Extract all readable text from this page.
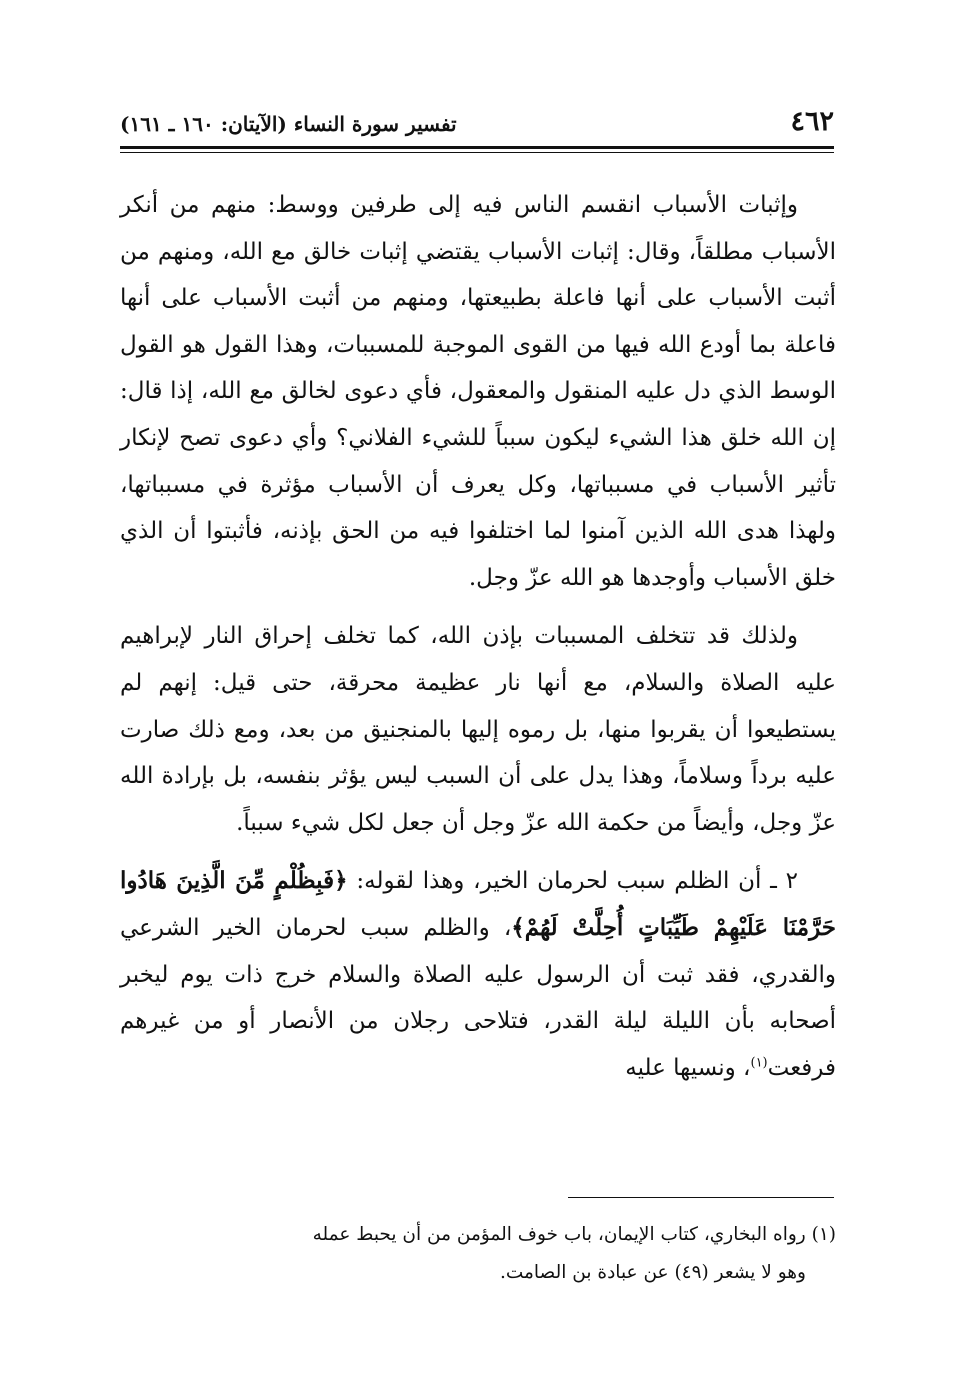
٤٦٢
تفسير سورة النساء (الآيتان: ١٦٠ ـ ١٦١)

وإثبات الأسباب انقسم الناس فيه إلى طرفين ووسط: منهم من أنكر الأسباب مطلقاً، وقال: إثبات الأسباب يقتضي إثبات خالق مع الله، ومنهم من أثبت الأسباب على أنها فاعلة بطبيعتها، ومنهم من أثبت الأسباب على أنها فاعلة بما أودع الله فيها من القوى الموجبة للمسببات، وهذا القول هو القول الوسط الذي دل عليه المنقول والمعقول، فأي دعوى لخالق مع الله، إذا قال: إن الله خلق هذا الشيء ليكون سبباً للشيء الفلاني؟ وأي دعوى تصح لإنكار تأثير الأسباب في مسبباتها، وكل يعرف أن الأسباب مؤثرة في مسبباتها، ولهذا هدى الله الذين آمنوا لما اختلفوا فيه من الحق بإذنه، فأثبتوا أن الذي خلق الأسباب وأوجدها هو الله عزّ وجل.

ولذلك قد تتخلف المسببات بإذن الله، كما تخلف إحراق النار لإبراهيم عليه الصلاة والسلام، مع أنها نار عظيمة محرقة، حتى قيل: إنهم لم يستطيعوا أن يقربوا منها، بل رموه إليها بالمنجنيق من بعد، ومع ذلك صارت عليه برداً وسلاماً، وهذا يدل على أن السبب ليس يؤثر بنفسه، بل بإرادة الله عزّ وجل، وأيضاً من حكمة الله عزّ وجل أن جعل لكل شيء سبباً.

٢ ـ أن الظلم سبب لحرمان الخير، وهذا لقوله: ﴿فَبِظُلْمٍ مِّنَ الَّذِينَ هَادُوا حَرَّمْنَا عَلَيْهِمْ طَيِّبَاتٍ أُحِلَّتْ لَهُمْ﴾، والظلم سبب لحرمان الخير الشرعي والقدري، فقد ثبت أن الرسول عليه الصلاة والسلام خرج ذات يوم ليخبر أصحابه بأن الليلة ليلة القدر، فتلاحى رجلان من الأنصار أو من غيرهم فرفعت$^{(١)}$، ونسيها عليه

(١) رواه البخاري، كتاب الإيمان، باب خوف المؤمن من أن يحبط عمله

وهو لا يشعر (٤٩) عن عبادة بن الصامت.
